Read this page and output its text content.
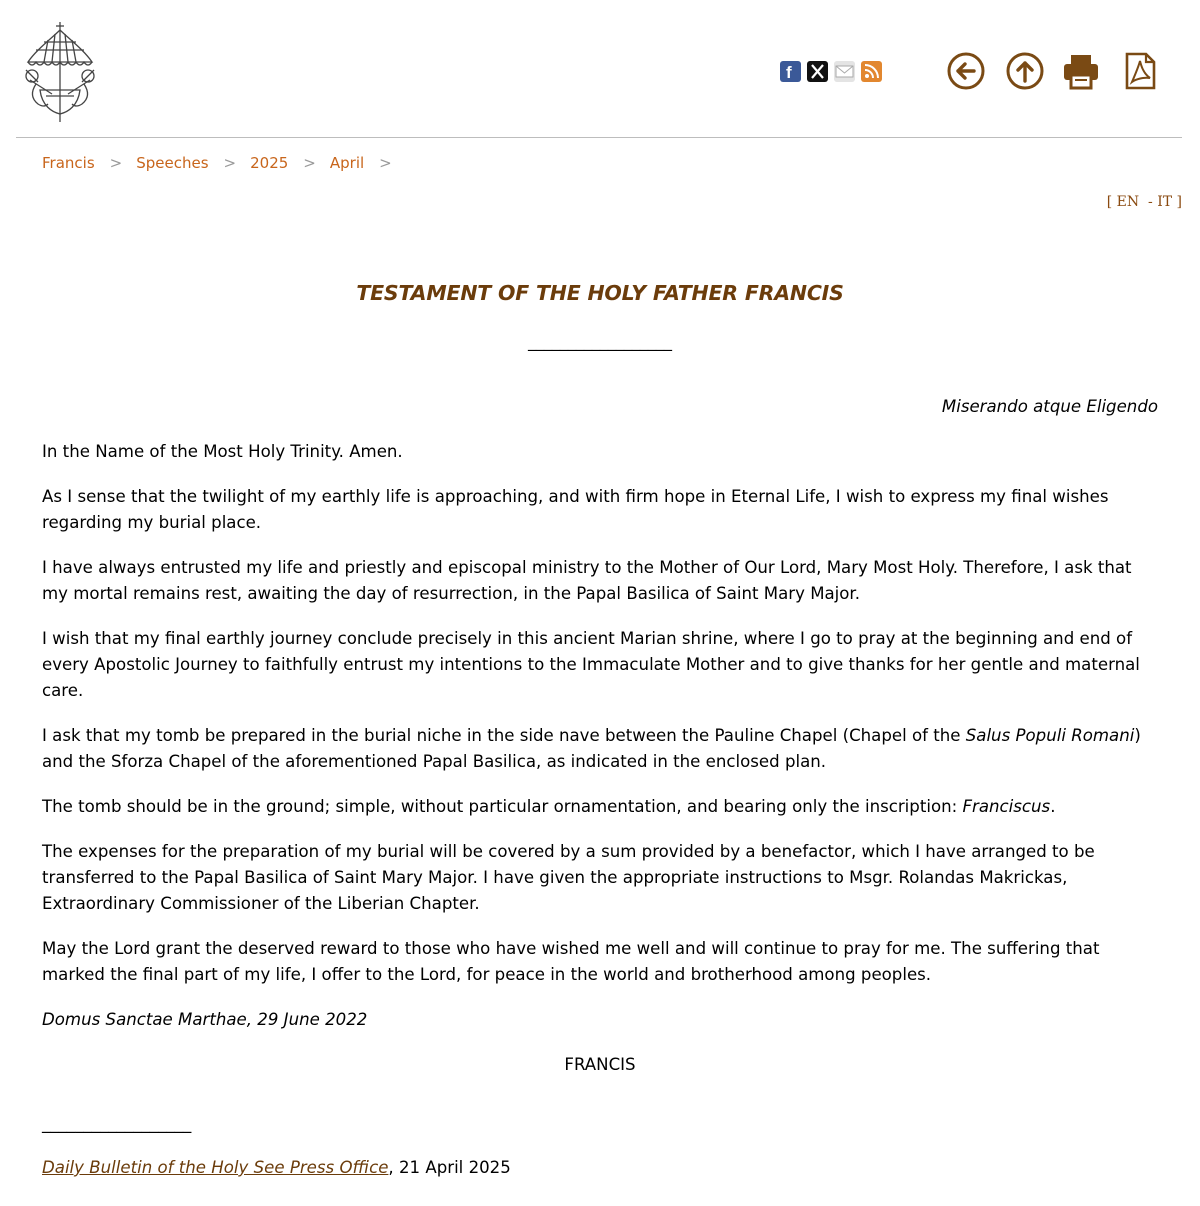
f
Francis > Speeches > 2025 > April >
[ EN - IT ]
TESTAMENT OF THE HOLY FATHER FRANCIS
__________________

Miserando atque Eligendo

In the Name of the Most Holy Trinity. Amen.

As I sense that the twilight of my earthly life is approaching, and with firm hope in Eternal Life, I wish to express my final wishes regarding my burial place.

I have always entrusted my life and priestly and episcopal ministry to the Mother of Our Lord, Mary Most Holy. Therefore, I ask that my mortal remains rest, awaiting the day of resurrection, in the Papal Basilica of Saint Mary Major.

I wish that my final earthly journey conclude precisely in this ancient Marian shrine, where I go to pray at the beginning and end of every Apostolic Journey to faithfully entrust my intentions to the Immaculate Mother and to give thanks for her gentle and maternal care.

I ask that my tomb be prepared in the burial niche in the side nave between the Pauline Chapel (Chapel of the Salus Populi Romani) and the Sforza Chapel of the aforementioned Papal Basilica, as indicated in the enclosed plan.

The tomb should be in the ground; simple, without particular ornamentation, and bearing only the inscription: Franciscus.

The expenses for the preparation of my burial will be covered by a sum provided by a benefactor, which I have arranged to be transferred to the Papal Basilica of Saint Mary Major. I have given the appropriate instructions to Msgr. Rolandas Makrickas, Extraordinary Commissioner of the Liberian Chapter.

May the Lord grant the deserved reward to those who have wished me well and will continue to pray for me. The suffering that marked the final part of my life, I offer to the Lord, for peace in the world and brotherhood among peoples.

Domus Sanctae Marthae, 29 June 2022

FRANCIS

__________________

Daily Bulletin of the Holy See Press Office, 21 April 2025
